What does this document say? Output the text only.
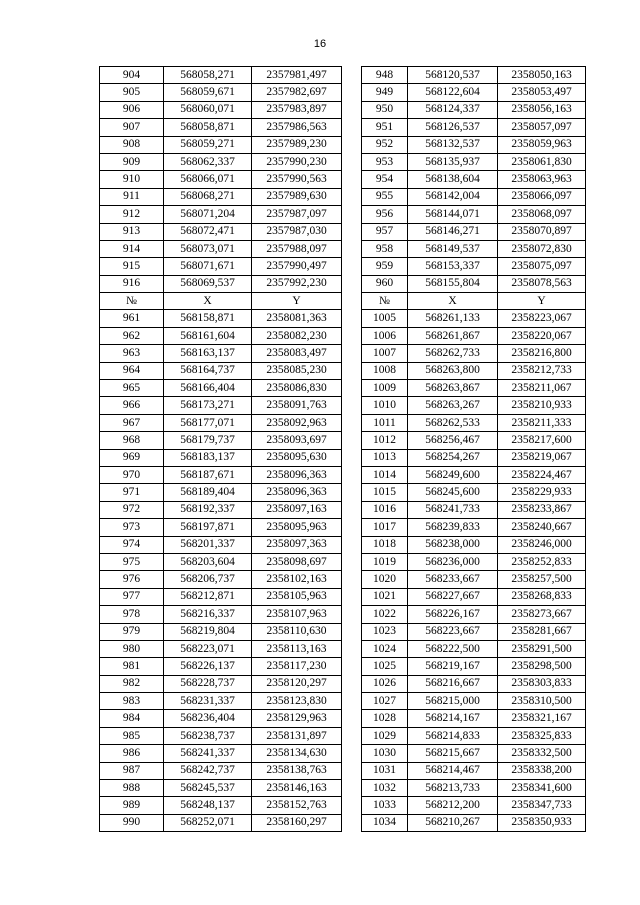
16
904	568058,271	2357981,497
905	568059,671	2357982,697
906	568060,071	2357983,897
907	568058,871	2357986,563
908	568059,271	2357989,230
909	568062,337	2357990,230
910	568066,071	2357990,563
911	568068,271	2357989,630
912	568071,204	2357987,097
913	568072,471	2357987,030
914	568073,071	2357988,097
915	568071,671	2357990,497
916	568069,537	2357992,230
№	X	Y
961	568158,871	2358081,363
962	568161,604	2358082,230
963	568163,137	2358083,497
964	568164,737	2358085,230
965	568166,404	2358086,830
966	568173,271	2358091,763
967	568177,071	2358092,963
968	568179,737	2358093,697
969	568183,137	2358095,630
970	568187,671	2358096,363
971	568189,404	2358096,363
972	568192,337	2358097,163
973	568197,871	2358095,963
974	568201,337	2358097,363
975	568203,604	2358098,697
976	568206,737	2358102,163
977	568212,871	2358105,963
978	568216,337	2358107,963
979	568219,804	2358110,630
980	568223,071	2358113,163
981	568226,137	2358117,230
982	568228,737	2358120,297
983	568231,337	2358123,830
984	568236,404	2358129,963
985	568238,737	2358131,897
986	568241,337	2358134,630
987	568242,737	2358138,763
988	568245,537	2358146,163
989	568248,137	2358152,763
990	568252,071	2358160,297
948	568120,537	2358050,163
949	568122,604	2358053,497
950	568124,337	2358056,163
951	568126,537	2358057,097
952	568132,537	2358059,963
953	568135,937	2358061,830
954	568138,604	2358063,963
955	568142,004	2358066,097
956	568144,071	2358068,097
957	568146,271	2358070,897
958	568149,537	2358072,830
959	568153,337	2358075,097
960	568155,804	2358078,563
№	X	Y
1005	568261,133	2358223,067
1006	568261,867	2358220,067
1007	568262,733	2358216,800
1008	568263,800	2358212,733
1009	568263,867	2358211,067
1010	568263,267	2358210,933
1011	568262,533	2358211,333
1012	568256,467	2358217,600
1013	568254,267	2358219,067
1014	568249,600	2358224,467
1015	568245,600	2358229,933
1016	568241,733	2358233,867
1017	568239,833	2358240,667
1018	568238,000	2358246,000
1019	568236,000	2358252,833
1020	568233,667	2358257,500
1021	568227,667	2358268,833
1022	568226,167	2358273,667
1023	568223,667	2358281,667
1024	568222,500	2358291,500
1025	568219,167	2358298,500
1026	568216,667	2358303,833
1027	568215,000	2358310,500
1028	568214,167	2358321,167
1029	568214,833	2358325,833
1030	568215,667	2358332,500
1031	568214,467	2358338,200
1032	568213,733	2358341,600
1033	568212,200	2358347,733
1034	568210,267	2358350,933
